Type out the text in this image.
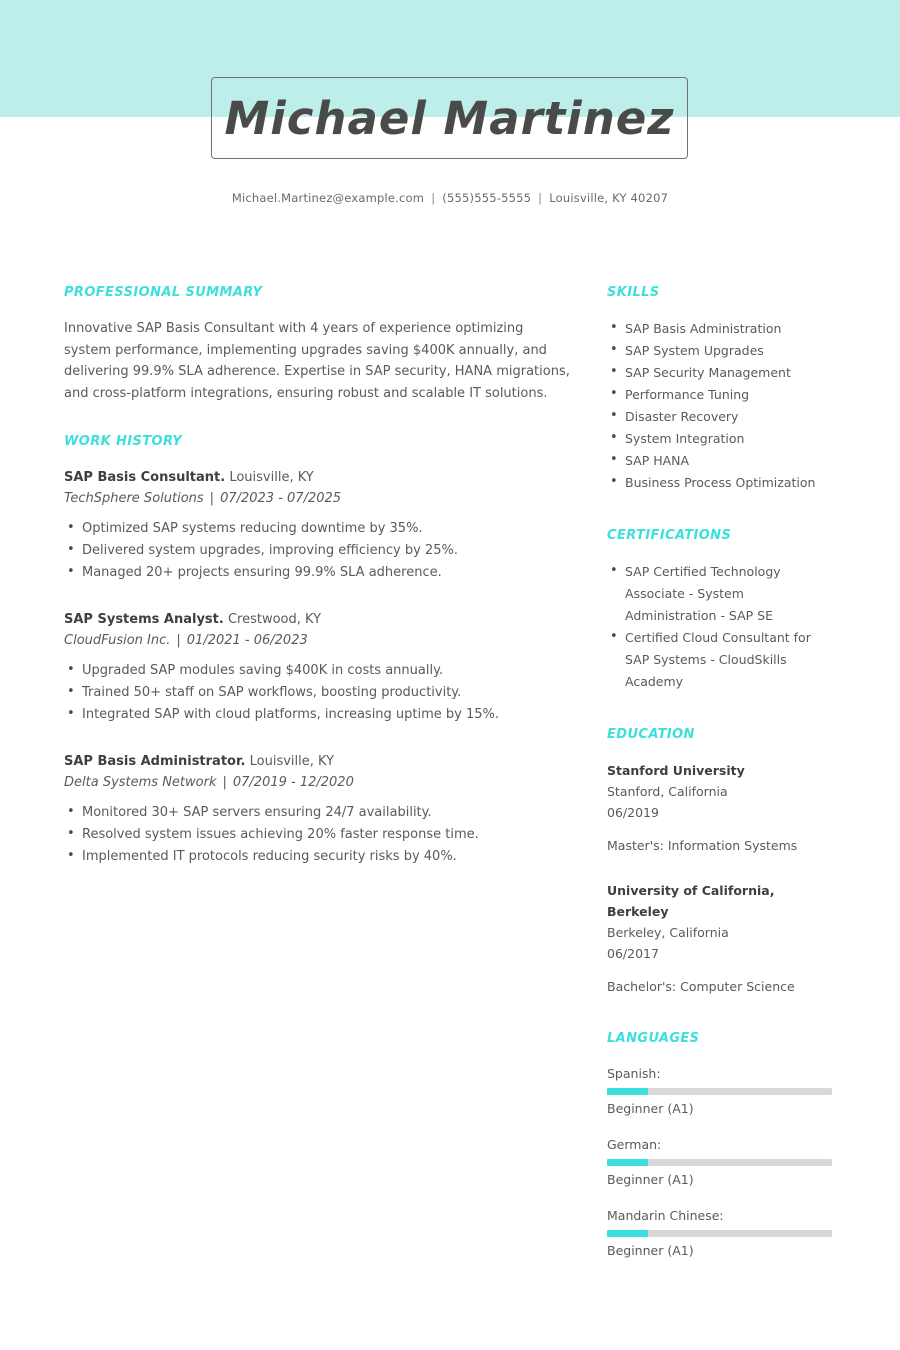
Michael Martinez
Michael.Martinez@example.com | (555)555-5555 | Louisville, KY 40207
PROFESSIONAL SUMMARY

Innovative SAP Basis Consultant with 4 years of experience optimizing system performance, implementing upgrades saving $400K annually, and delivering 99.9% SLA adherence. Expertise in SAP security, HANA migrations, and cross-platform integrations, ensuring robust and scalable IT solutions.

WORK HISTORY
SAP Basis Consultant. Louisville, KY
TechSphere Solutions | 07/2023 - 07/2025
• Optimized SAP systems reducing downtime by 35%.
• Delivered system upgrades, improving efficiency by 25%.
• Managed 20+ projects ensuring 99.9% SLA adherence.
SAP Systems Analyst. Crestwood, KY
CloudFusion Inc. | 01/2021 - 06/2023
• Upgraded SAP modules saving $400K in costs annually.
• Trained 50+ staff on SAP workflows, boosting productivity.
• Integrated SAP with cloud platforms, increasing uptime by 15%.
SAP Basis Administrator. Louisville, KY
Delta Systems Network | 07/2019 - 12/2020
• Monitored 30+ SAP servers ensuring 24/7 availability.
• Resolved system issues achieving 20% faster response time.
• Implemented IT protocols reducing security risks by 40%.
SKILLS
• SAP Basis Administration
• SAP System Upgrades
• SAP Security Management
• Performance Tuning
• Disaster Recovery
• System Integration
• SAP HANA
• Business Process Optimization
CERTIFICATIONS
• SAP Certified Technology Associate - System Administration - SAP SE
• Certified Cloud Consultant for SAP Systems - CloudSkills Academy
EDUCATION
Stanford University
Stanford, California
06/2019
Master's: Information Systems
University of California, Berkeley
Berkeley, California
06/2017
Bachelor's: Computer Science
LANGUAGES
Spanish:
Beginner (A1)
German:
Beginner (A1)
Mandarin Chinese:
Beginner (A1)
